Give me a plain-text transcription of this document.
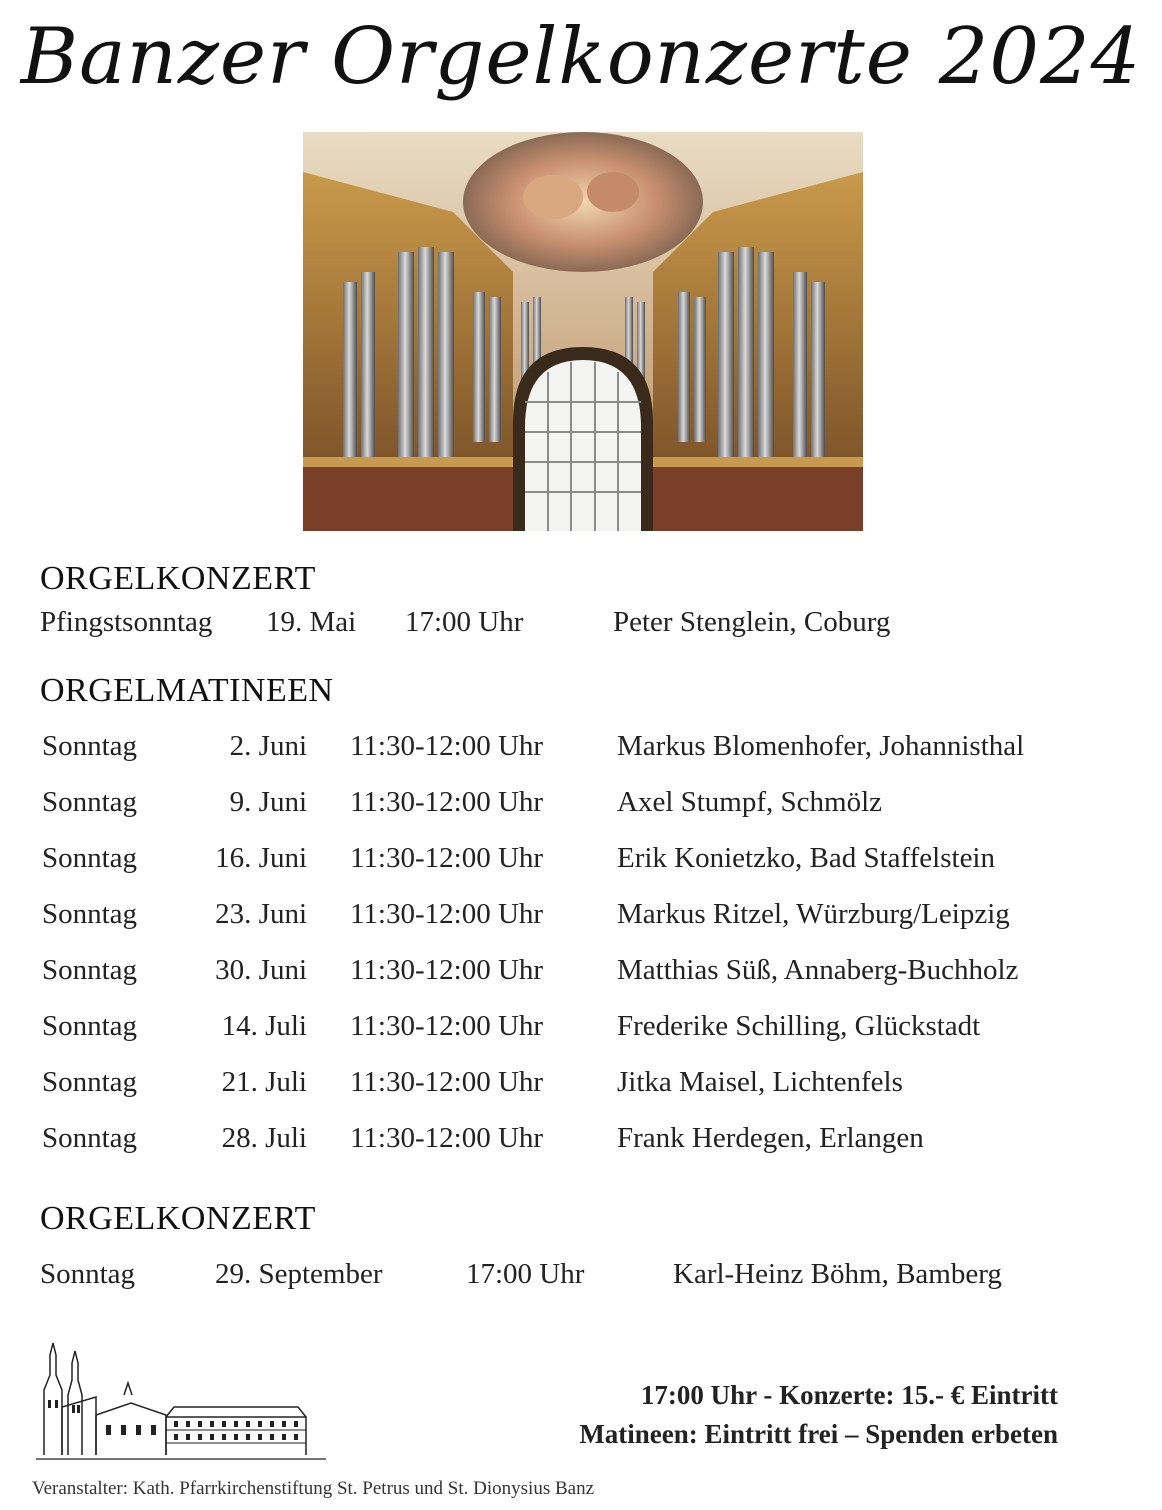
Banzer Orgelkonzerte 2024
ORGELKONZERT
Pfingstsonntag 19. Mai 17:00 Uhr	Peter Stenglein, Coburg
ORGELMATINEEN
Sonntag	2. Juni 11:30-12:00 Uhr	Markus Blomenhofer, Johannisthal
Sonntag	9. Juni 11:30-12:00 Uhr	Axel Stumpf, Schmölz
Sonntag	16. Juni 11:30-12:00 Uhr	Erik Konietzko, Bad Staffelstein
Sonntag	23. Juni 11:30-12:00 Uhr	Markus Ritzel, Würzburg/Leipzig
Sonntag	30. Juni 11:30-12:00 Uhr	Matthias Süß, Annaberg-Buchholz
Sonntag	14. Juli 11:30-12:00 Uhr	Frederike Schilling, Glückstadt
Sonntag	21. Juli 11:30-12:00 Uhr	Jitka Maisel, Lichtenfels
Sonntag	28. Juli 11:30-12:00 Uhr	Frank Herdegen, Erlangen
ORGELKONZERT
Sonntag	29. September	17:00 Uhr	Karl-Heinz Böhm, Bamberg
17:00 Uhr - Konzerte: 15.- € Eintritt
Matineen: Eintritt frei – Spenden erbeten
Veranstalter: Kath. Pfarrkirchenstiftung St. Petrus und St. Dionysius Banz
